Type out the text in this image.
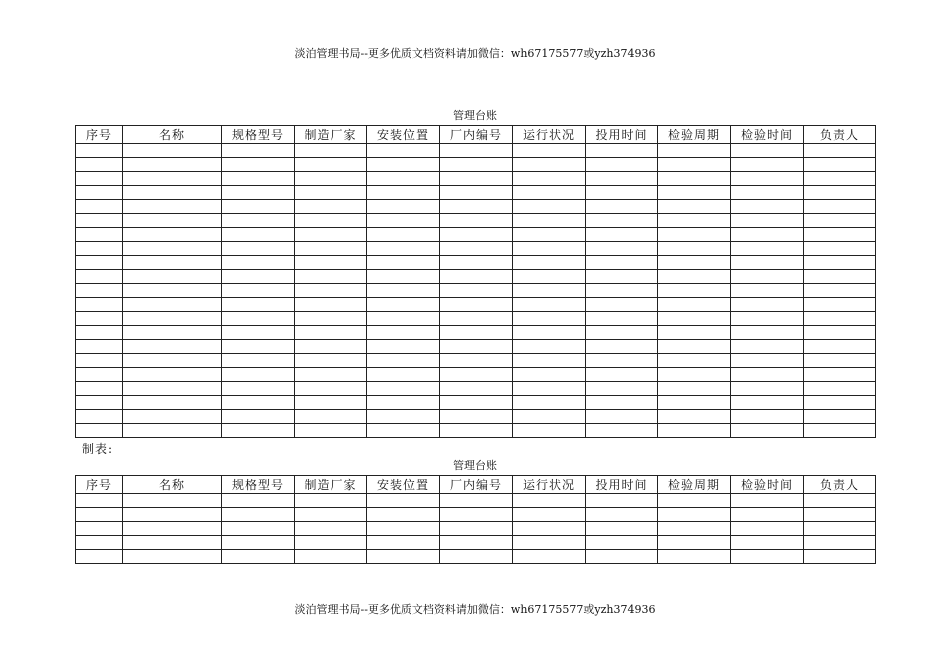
淡泊管理书局--更多优质文档资料请加微信：wh67175577或yzh374936
管理台账
序号	名称	规格型号	制造厂家	安装位置	厂内编号	运行状况	投用时间	检验周期	检验时间	负责人

制表:
管理台账
序号	名称	规格型号	制造厂家	安装位置	厂内编号	运行状况	投用时间	检验周期	检验时间	负责人

淡泊管理书局--更多优质文档资料请加微信：wh67175577或yzh374936
